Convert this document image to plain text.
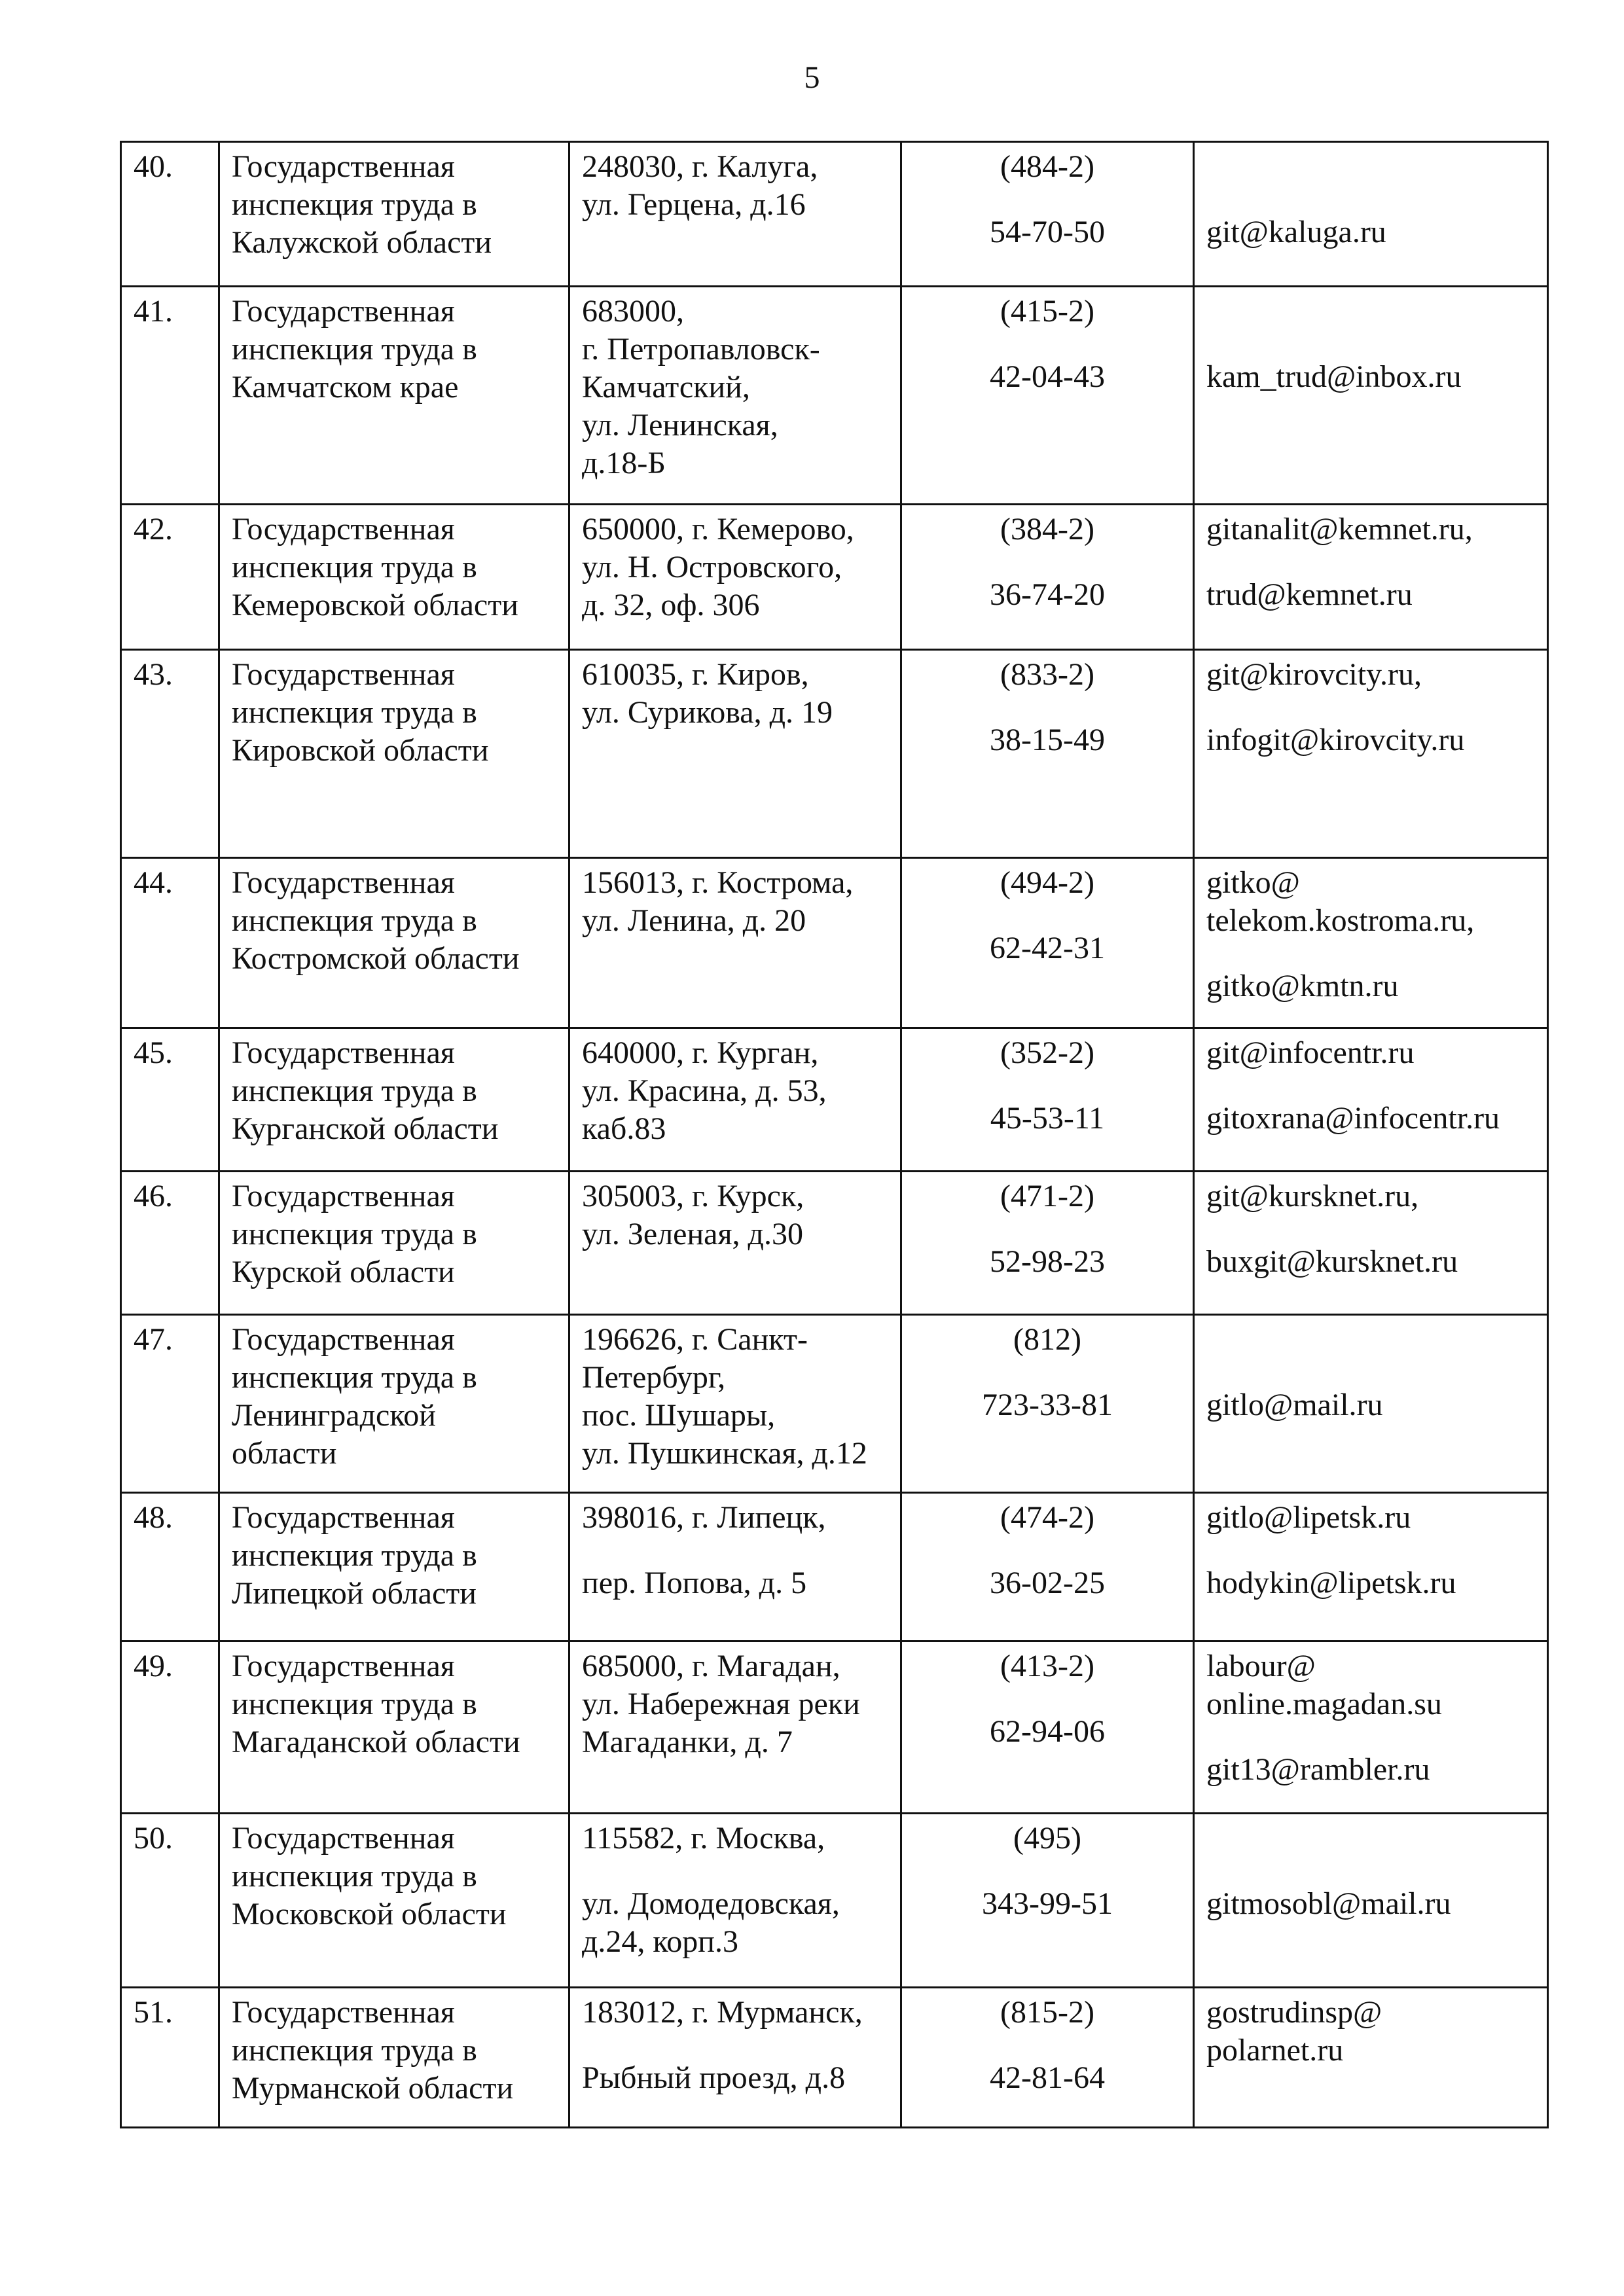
5
40.	Государственная
инспекция труда в
Калужской области	248030, г. Калуга,
ул. Герцена, д.16	(484-2)
54-70-50	git@kaluga.ru

41.	Государственная
инспекция труда в
Камчатском крае	683000,
г. Петропавловск-
Камчатский,
ул. Ленинская,
д.18-Б	(415-2)
42-04-43	kam_trud@inbox.ru

42.	Государственная
инспекция труда в
Кемеровской области	650000, г. Кемерово,
ул. Н. Островского,
д. 32, оф. 306	(384-2)
36-74-20	gitanalit@kemnet.ru,
trud@kemnet.ru

43.	Государственная
инспекция труда в
Кировской области	610035, г. Киров,
ул. Сурикова, д. 19	(833-2)
38-15-49	git@kirovcity.ru,
infogit@kirovcity.ru

44.	Государственная
инспекция труда в
Костромской области	156013, г. Кострома,
ул. Ленина, д. 20	(494-2)
62-42-31	gitko@
telekom.kostroma.ru,
gitko@kmtn.ru

45.	Государственная
инспекция труда в
Курганской области	640000, г. Курган,
ул. Красина, д. 53,
каб.83	(352-2)
45-53-11	git@infocentr.ru
gitoxrana@infocentr.ru

46.	Государственная
инспекция труда в
Курской области	305003, г. Курск,
ул. Зеленая, д.30	(471-2)
52-98-23	git@kursknet.ru,
buxgit@kursknet.ru

47.	Государственная
инспекция труда в
Ленинградской
области	196626, г. Санкт-
Петербург,
пос. Шушары,
ул. Пушкинская, д.12	(812)
723-33-81	gitlo@mail.ru

48.	Государственная
инспекция труда в
Липецкой области	398016, г. Липецк,
пер. Попова, д. 5	(474-2)
36-02-25	gitlo@lipetsk.ru
hodykin@lipetsk.ru

49.	Государственная
инспекция труда в
Магаданской области	685000, г. Магадан,
ул. Набережная реки
Магаданки, д. 7	(413-2)
62-94-06	labour@
online.magadan.su
git13@rambler.ru

50.	Государственная
инспекция труда в
Московской области	115582, г. Москва,
ул. Домодедовская,
д.24, корп.3	(495)
343-99-51	gitmosobl@mail.ru

51.	Государственная
инспекция труда в
Мурманской области	183012, г. Мурманск,
Рыбный проезд, д.8	(815-2)
42-81-64	gostrudinsp@
polarnet.ru
